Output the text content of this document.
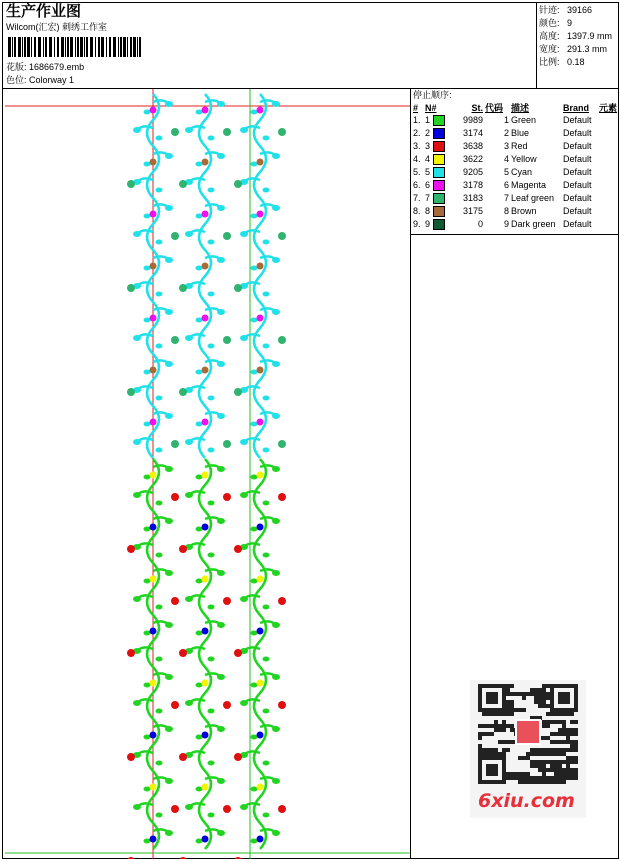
生产作业图
Wilcom(汇宏) 刺绣工作室
花版: 1686679.emb
色位: Colorway 1
针迹: 39166
颜色: 9
高度: 1397.9 mm
宽度: 291.3 mm
比例: 0.18
停止顺序:
#	N#	St.	代码	描述	Brand	元素
1.	1	9989	1	Green	Default	
2.	2	3174	2	Blue	Default	
3.	3	3638	3	Red	Default	
4.	4	3622	4	Yellow	Default	
5.	5	9205	5	Cyan	Default	
6.	6	3178	6	Magenta	Default	
7.	7	3183	7	Leaf green	Default	
8.	8	3175	8	Brown	Default	
9.	9	0	9	Dark green	Default	
6xiu.com
